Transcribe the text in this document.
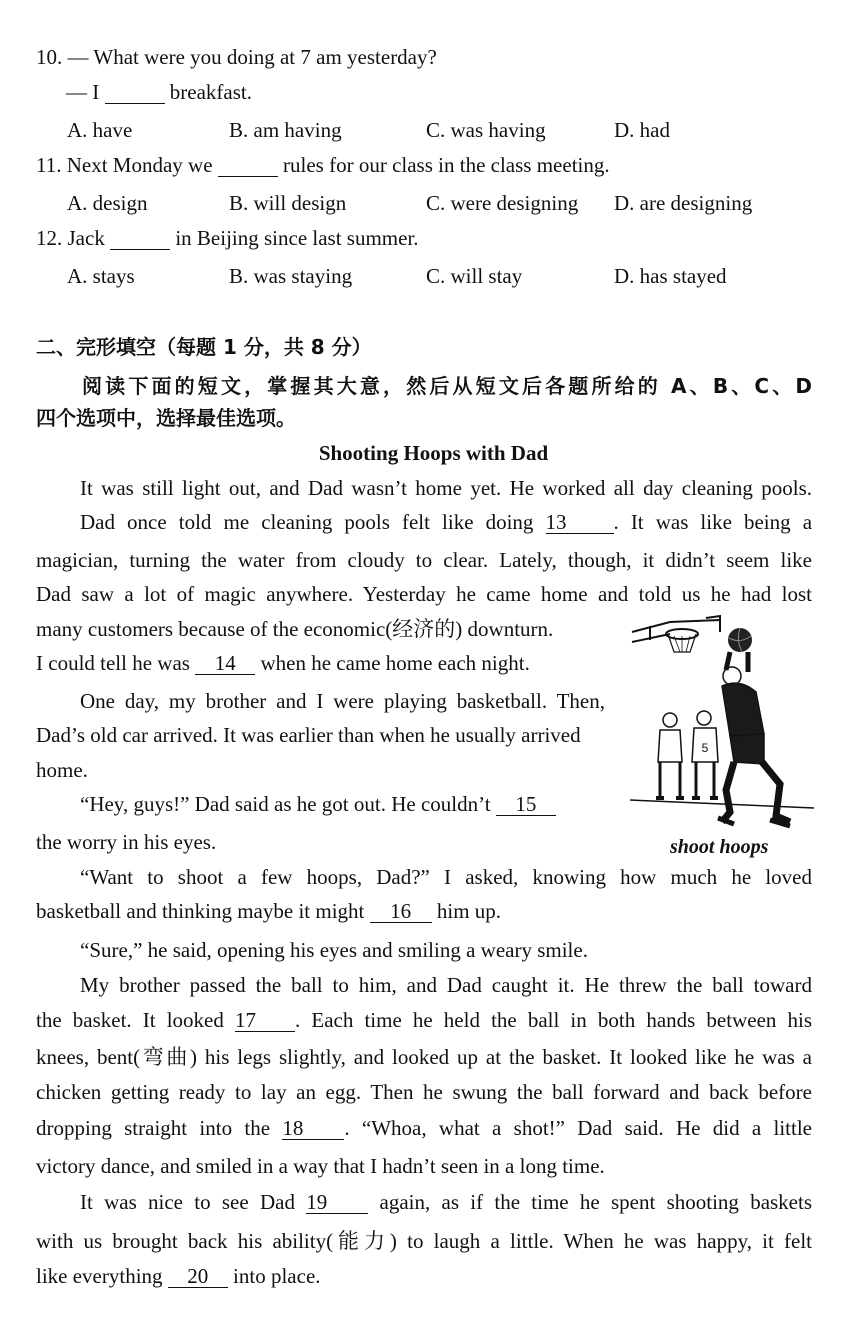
10. — What were you doing at 7 am yesterday?
— I	breakfast.
A. have	B. am having	C. was having	D. had
11. Next Monday we	rules for our class in the class meeting.
A. design	B. will design	C. were designing D. are designing
12. Jack	in Beijing since last summer.
A. stays	B. was staying	C. will stay	D. has stayed
二、完形填空（每题 1 分，共 8 分）
阅读下面的短文，掌握其大意，然后从短文后各题所给的 A、B、C、D
四个选项中，选择最佳选项。
Shooting Hoops with Dad
It was still light out, and Dad wasn’t home yet. He worked all day cleaning pools.
Dad once told me cleaning pools felt like doing 13 . It was like being a
magician, turning the water from cloudy to clear. Lately, though, it didn’t seem like
Dad saw a lot of magic anywhere. Yesterday he came home and told us he had lost
many customers because of the economic(经济的) downturn.
I could tell he was 14 when he came home each night.
One day, my brother and I were playing basketball. Then,
Dad’s old car arrived. It was earlier than when he usually arrived
home.
“Hey, guys!” Dad said as he got out. He couldn’t 15
the worry in his eyes.
“Want to shoot a few hoops, Dad?” I asked, knowing how much he loved
basketball and thinking maybe it might 16 him up.
“Sure,” he said, opening his eyes and smiling a weary smile.
My brother passed the ball to him, and Dad caught it. He threw the ball toward
the basket. It looked 17 . Each time he held the ball in both hands between his
knees, bent(弯曲) his legs slightly, and looked up at the basket. It looked like he was a
chicken getting ready to lay an egg. Then he swung the ball forward and back before
dropping straight into the 18 . “Whoa, what a shot!” Dad said. He did a little
victory dance, and smiled in a way that I hadn’t seen in a long time.
It was nice to see Dad 19 again, as if the time he spent shooting baskets
with us brought back his ability(能力) to laugh a little. When he was happy, it felt
like everything 20 into place.
5
shoot hoops
